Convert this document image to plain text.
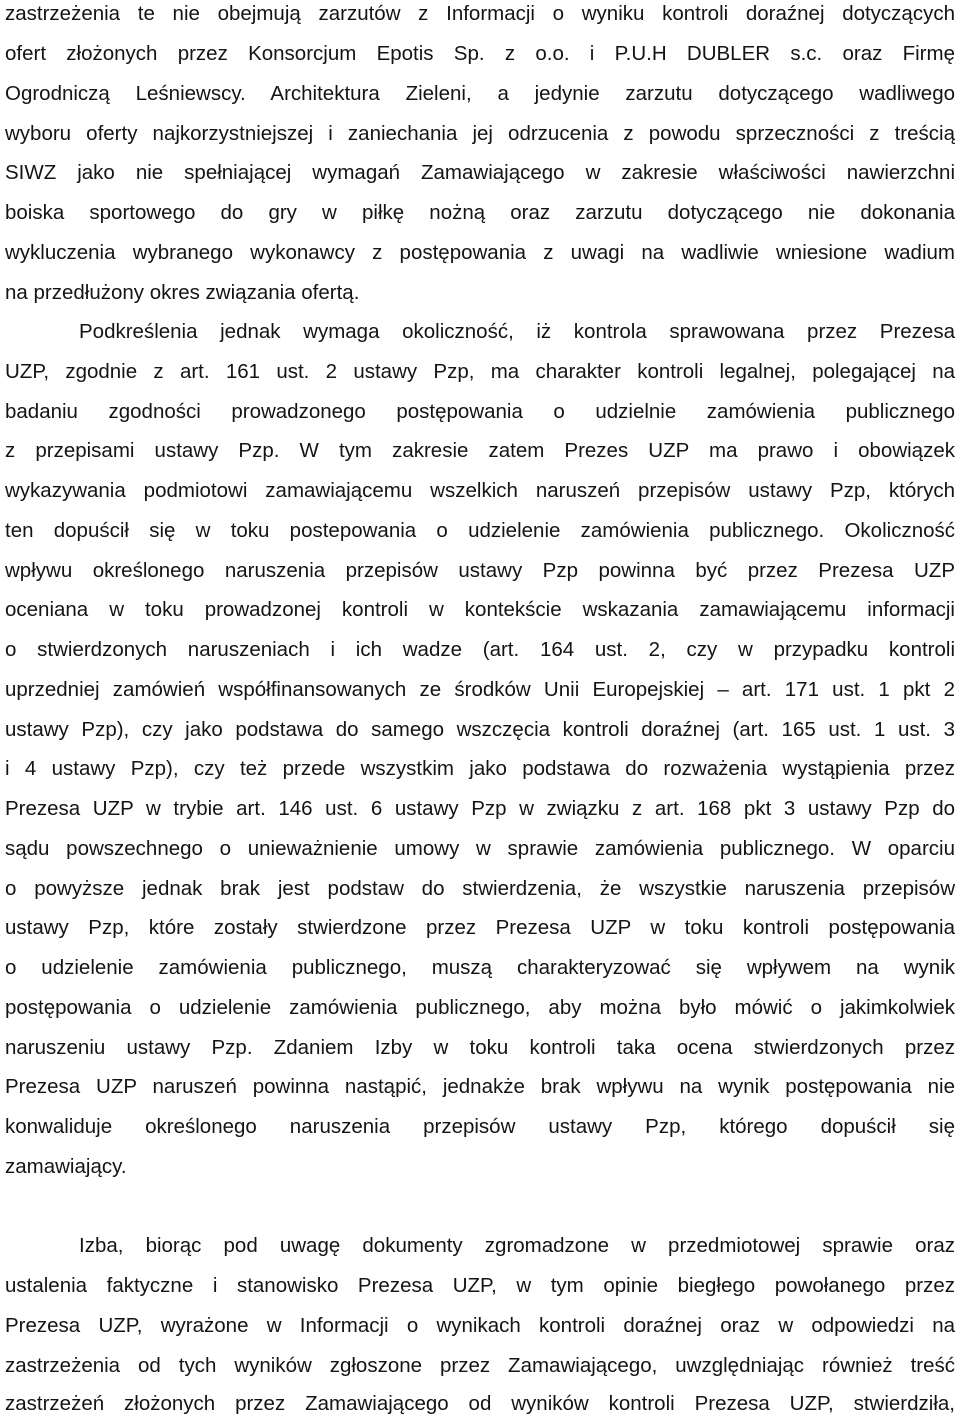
zastrzeżenia te nie obejmują zarzutów z Informacji o wyniku kontroli doraźnej dotyczących
ofert złożonych przez Konsorcjum Epotis Sp. z o.o. i P.U.H DUBLER s.c. oraz Firmę
Ogrodniczą Leśniewscy. Architektura Zieleni, a jedynie zarzutu dotyczącego wadliwego
wyboru oferty najkorzystniejszej i zaniechania jej odrzucenia z powodu sprzeczności z treścią
SIWZ jako nie spełniającej wymagań Zamawiającego w zakresie właściwości nawierzchni
boiska sportowego do gry w piłkę nożną oraz zarzutu dotyczącego nie dokonania
wykluczenia wybranego wykonawcy z postępowania z uwagi na wadliwie wniesione wadium
na przedłużony okres związania ofertą.
Podkreślenia jednak wymaga okoliczność, iż kontrola sprawowana przez Prezesa
UZP, zgodnie z art. 161 ust. 2 ustawy Pzp, ma charakter kontroli legalnej, polegającej na
badaniu zgodności prowadzonego postępowania o udzielnie zamówienia publicznego
z przepisami ustawy Pzp. W tym zakresie zatem Prezes UZP ma prawo i obowiązek
wykazywania podmiotowi zamawiającemu wszelkich naruszeń przepisów ustawy Pzp, których
ten dopuścił się w toku postepowania o udzielenie zamówienia publicznego. Okoliczność
wpływu określonego naruszenia przepisów ustawy Pzp powinna być przez Prezesa UZP
oceniana w toku prowadzonej kontroli w kontekście wskazania zamawiającemu informacji
o stwierdzonych naruszeniach i ich wadze (art. 164 ust. 2, czy w przypadku kontroli
uprzedniej zamówień współfinansowanych ze środków Unii Europejskiej – art. 171 ust. 1 pkt 2
ustawy Pzp), czy jako podstawa do samego wszczęcia kontroli doraźnej (art. 165 ust. 1 ust. 3
i 4 ustawy Pzp), czy też przede wszystkim jako podstawa do rozważenia wystąpienia przez
Prezesa UZP w trybie art. 146 ust. 6 ustawy Pzp w związku z art. 168 pkt 3 ustawy Pzp do
sądu powszechnego o unieważnienie umowy w sprawie zamówienia publicznego. W oparciu
o powyższe jednak brak jest podstaw do stwierdzenia, że wszystkie naruszenia przepisów
ustawy Pzp, które zostały stwierdzone przez Prezesa UZP w toku kontroli postępowania
o udzielenie zamówienia publicznego, muszą charakteryzować się wpływem na wynik
postępowania o udzielenie zamówienia publicznego, aby można było mówić o jakimkolwiek
naruszeniu ustawy Pzp. Zdaniem Izby w toku kontroli taka ocena stwierdzonych przez
Prezesa UZP naruszeń powinna nastąpić, jednakże brak wpływu na wynik postępowania nie
konwaliduje określonego naruszenia przepisów ustawy Pzp, którego dopuścił się
zamawiający.
Izba, biorąc pod uwagę dokumenty zgromadzone w przedmiotowej sprawie oraz
ustalenia faktyczne i stanowisko Prezesa UZP, w tym opinie biegłego powołanego przez
Prezesa UZP, wyrażone w Informacji o wynikach kontroli doraźnej oraz w odpowiedzi na
zastrzeżenia od tych wyników zgłoszone przez Zamawiającego, uwzględniając również treść
zastrzeżeń złożonych przez Zamawiającego od wyników kontroli Prezesa UZP, stwierdziła,
